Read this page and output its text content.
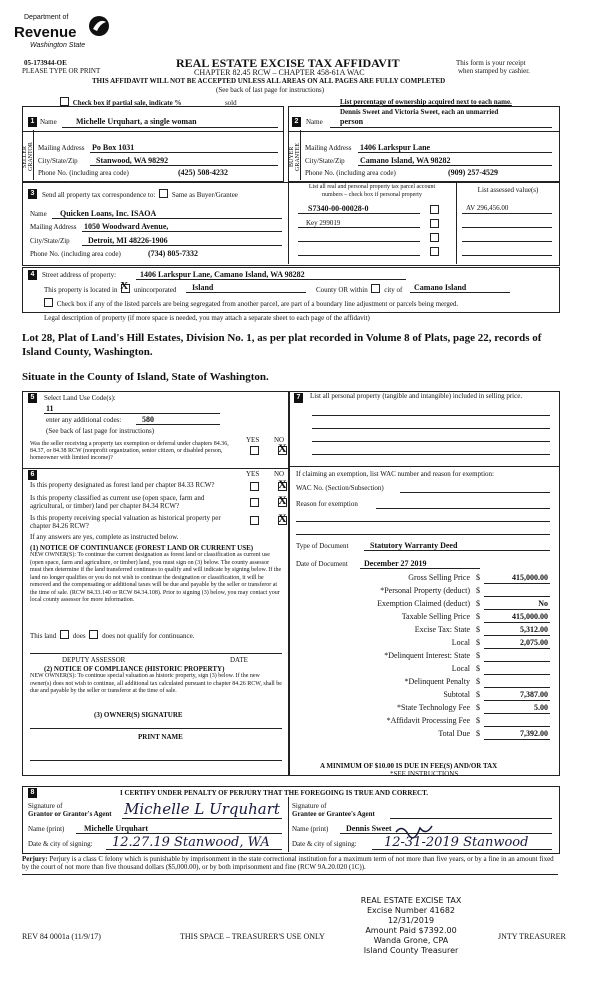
Department of
Revenue
Washington State
05-173944-OE
PLEASE TYPE OR PRINT
REAL ESTATE EXCISE TAX AFFIDAVIT
CHAPTER 82.45 RCW – CHAPTER 458-61A WAC
THIS AFFIDAVIT WILL NOT BE ACCEPTED UNLESS ALL AREAS ON ALL PAGES ARE FULLY COMPLETED
(See back of last page for instructions)
This form is your receipt
when stamped by cashier.
Check box if partial sale, indicate %	sold	List percentage of ownership acquired next to each name.
1	2
SELLER GRANTOR	BUYER GRANTEE
Name Michelle Urquhart, a single woman
Mailing Address Po Box 1031
City/State/Zip Stanwood, WA 98292
Phone No. (including area code)	(425) 508-4232
Dennis Sweet and Victoria Sweet, each an unmarried
Name person
Mailing Address 1406 Larkspur Lane
City/State/Zip Camano Island, WA 98282
Phone No. (including area code)	(909) 257-4529
3	Send all property tax correspondence to: Same as Buyer/Grantee
Name Quicken Loans, Inc. ISAOA
Mailing Address 1050 Woodward Avenue,
City/State/Zip Detroit, MI 48226-1906
Phone No. (including area code)	(734) 805-7332
List all real and personal property tax parcel account
numbers – check box if personal property
List assessed value(s)
S7340-00-00028-0
Key 299019
AV 296,456.00
4	Street address of property:	1406 Larkspur Lane, Camano Island, WA 98282
This property is located in X unincorporated Island	County OR within city of Camano Island
Check box if any of the listed parcels are being segregated from another parcel, are part of a boundary line adjustment or parcels being merged.
Legal description of property (if more space is needed, you may attach a separate sheet to each page of the affidavit)
Lot 28, Plat of Land's Hill Estates, Division No. 1, as per plat recorded in Volume 8 of Plats, page 22, records of
Island County, Washington.
Situate in the County of Island, State of Washington.
5	Select Land Use Code(s):
11
enter any additional codes:	580
(See back of last page for instructions)
YES NO
Was the seller receiving a property tax exemption or deferral under chapters 84.36, 84.37, or 84.38 RCW (nonprofit organization, senior citizen, or disabled person, homeowner with limited income)?
X
6	YES NO
Is this property designated as forest land per chapter 84.33 RCW?	X
Is this property classified as current use (open space, farm and agricultural, or timber) land per chapter 84.34 RCW?	X
Is this property receiving special valuation as historical property per chapter 84.26 RCW?
X
If any answers are yes, complete as instructed below.
(1) NOTICE OF CONTINUANCE (FOREST LAND OR CURRENT USE)
NEW OWNER(S): To continue the current designation as forest land or classification as current use (open space, farm and agriculture, or timber) land, you must sign on (3) below. The county assessor must then determine if the land transferred continues to qualify and will indicate by signing below. If the land no longer qualifies or you do not wish to continue the designation or classification, it will be removed and the compensating or additional taxes will be due and payable by the seller or transferor at the time of sale. (RCW 84.33.140 or RCW 84.34.108). Prior to signing (3) below, you may contact your local county assessor for more information.
This land does does not qualify for continuance.
DEPUTY ASSESSOR	DATE
(2) NOTICE OF COMPLIANCE (HISTORIC PROPERTY)
NEW OWNER(S): To continue special valuation as historic property, sign (3) below. If the new owner(s) does not wish to continue, all additional tax calculated pursuant to chapter 84.26 RCW, shall be due and payable by the seller or transferor at the time of sale.
(3) OWNER(S) SIGNATURE
PRINT NAME
7	List all personal property (tangible and intangible) included in selling price.
If claiming an exemption, list WAC number and reason for exemption:
WAC No. (Section/Subsection)
Reason for exemption
Type of Document	Statutory Warranty Deed
Date of Document December 27 2019
Gross Selling Price $	415,000.00
*Personal Property (deduct) $
Exemption Claimed (deduct) $	No
Taxable Selling Price $	415,000.00
Excise Tax: State $	5,312.00
Local $	2,075.00
*Delinquent Interest: State $
Local $
*Delinquent Penalty $
Subtotal $	7,387.00
*State Technology Fee $	5.00
*Affidavit Processing Fee $
Total Due $	7,392.00
A MINIMUM OF $10.00 IS DUE IN FEE(S) AND/OR TAX
*SEE INSTRUCTIONS
8	I CERTIFY UNDER PENALTY OF PERJURY THAT THE FOREGOING IS TRUE AND CORRECT.
Signature of
Grantor or Grantor's Agent Michelle L Urquhart
Name (print) Michelle Urquhart
Date & city of signing: 12.27.19 Stanwood, WA
Signature of
Grantee or Grantee's Agent
Name (print) Dennis Sweet
Date & city of signing: 12-31-2019 Stanwood
Perjury: Perjury is a class C felony which is punishable by imprisonment in the state correctional institution for a maximum term of not more than five years, or by a fine in an amount fixed by the court of not more than five thousand dollars ($5,000.00), or by both imprisonment and fine (RCW 9A.20.020 (1C)).
REV 84 0001a (11/9/17)	THIS SPACE – TREASURER'S USE ONLY	JNTY TREASURER
REAL ESTATE EXCISE TAX
Excise Number 41682
12/31/2019
Amount Paid $7392.00
Wanda Grone, CPA
Island County Treasurer
